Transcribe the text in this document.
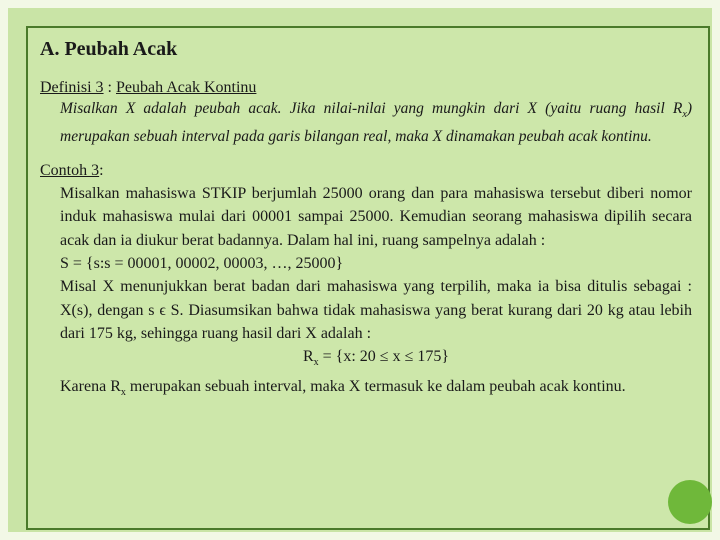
A. Peubah Acak
Definisi 3 : Peubah Acak Kontinu
Misalkan X adalah peubah acak. Jika nilai-nilai yang mungkin dari X (yaitu ruang hasil $R_x$) merupakan sebuah interval pada garis bilangan real, maka X dinamakan peubah acak kontinu.
Contoh 3:

Misalkan mahasiswa STKIP berjumlah 25000 orang dan para mahasiswa tersebut diberi nomor induk mahasiswa mulai dari 00001 sampai 25000. Kemudian seorang mahasiswa dipilih secara acak dan ia diukur berat badannya. Dalam hal ini, ruang sampelnya adalah :

S = {s:s = 00001, 00002, 00003, …, 25000}

Misal X menunjukkan berat badan dari mahasiswa yang terpilih, maka ia bisa ditulis sebagai : X(s), dengan s ϵ S. Diasumsikan bahwa tidak mahasiswa yang berat kurang dari 20 kg atau lebih dari 175 kg, sehingga ruang hasil dari X adalah :

$R_x = \{x$: 20 ≤ x ≤ 175}

Karena $R_x$ merupakan sebuah interval, maka X termasuk ke dalam peubah acak kontinu.
